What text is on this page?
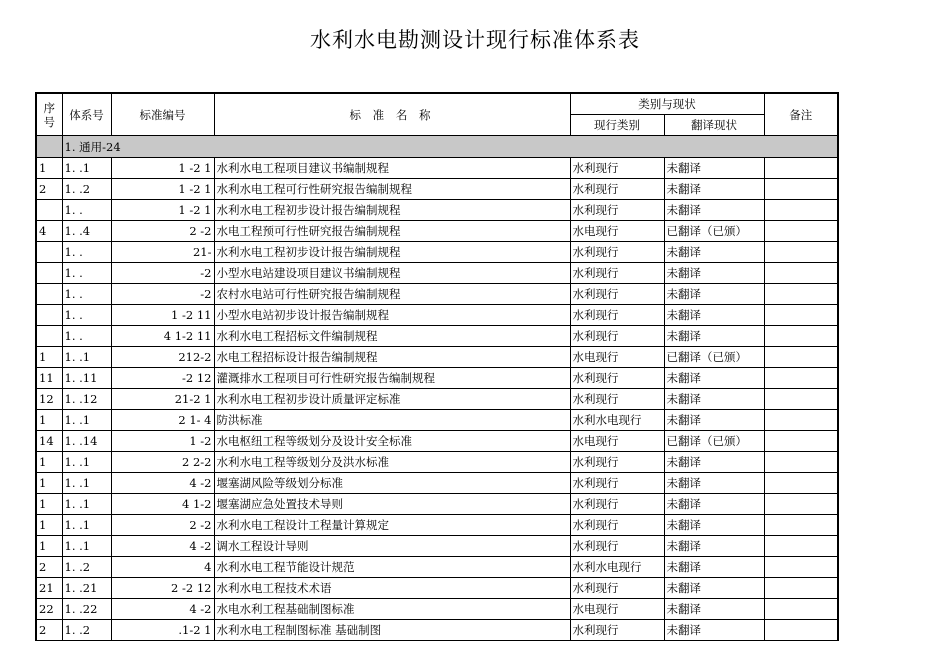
水利水电勘测设计现行标准体系表
序号	体系号	标准编号	标 准 名 称	类别与现状		备注
				现行类别	翻译现状	
	1. 通用-24					
1	1. .1	1 -2 1	水利水电工程项目建议书编制规程	水利现行	未翻译	
2	1. .2	1 -2 1	水利水电工程可行性研究报告编制规程	水利现行	未翻译	
	1. .	1 -2 1	水利水电工程初步设计报告编制规程	水利现行	未翻译	
4	1. .4	2 -2	水电工程预可行性研究报告编制规程	水电现行	已翻译（已颁）	
	1. .	21-	水利水电工程初步设计报告编制规程	水利现行	未翻译	
	1. .	-2	小型水电站建设项目建议书编制规程	水利现行	未翻译	
	1. .	-2	农村水电站可行性研究报告编制规程	水利现行	未翻译	
	1. .	1 -2 11	小型水电站初步设计报告编制规程	水利现行	未翻译	
	1. .	4 1-2 11	水利水电工程招标文件编制规程	水利现行	未翻译	
1	1. .1	212-2	水电工程招标设计报告编制规程	水电现行	已翻译（已颁）	
11	1. .11	-2 12	灌溉排水工程项目可行性研究报告编制规程	水利现行	未翻译	
12	1. .12	21-2 1	水利水电工程初步设计质量评定标准	水利现行	未翻译	
1	1. .1	2 1- 4	防洪标准	水利水电现行	未翻译	
14	1. .14	1 -2	水电枢纽工程等级划分及设计安全标准	水电现行	已翻译（已颁）	
1	1. .1	2 2-2	水利水电工程等级划分及洪水标准	水利现行	未翻译	
1	1. .1	4 -2	堰塞湖风险等级划分标准	水利现行	未翻译	
1	1. .1	4 1-2	堰塞湖应急处置技术导则	水利现行	未翻译	
1	1. .1	2 -2	水利水电工程设计工程量计算规定	水利现行	未翻译	
1	1. .1	4 -2	调水工程设计导则	水利现行	未翻译	
2	1. .2	4	水利水电工程节能设计规范	水利水电现行	未翻译	
21	1. .21	2 -2 12	水利水电工程技术术语	水利现行	未翻译	
22	1. .22	4 -2	水电水利工程基础制图标准	水电现行	未翻译	
2	1. .2	.1-2 1	水利水电工程制图标准 基础制图	水利现行	未翻译	
